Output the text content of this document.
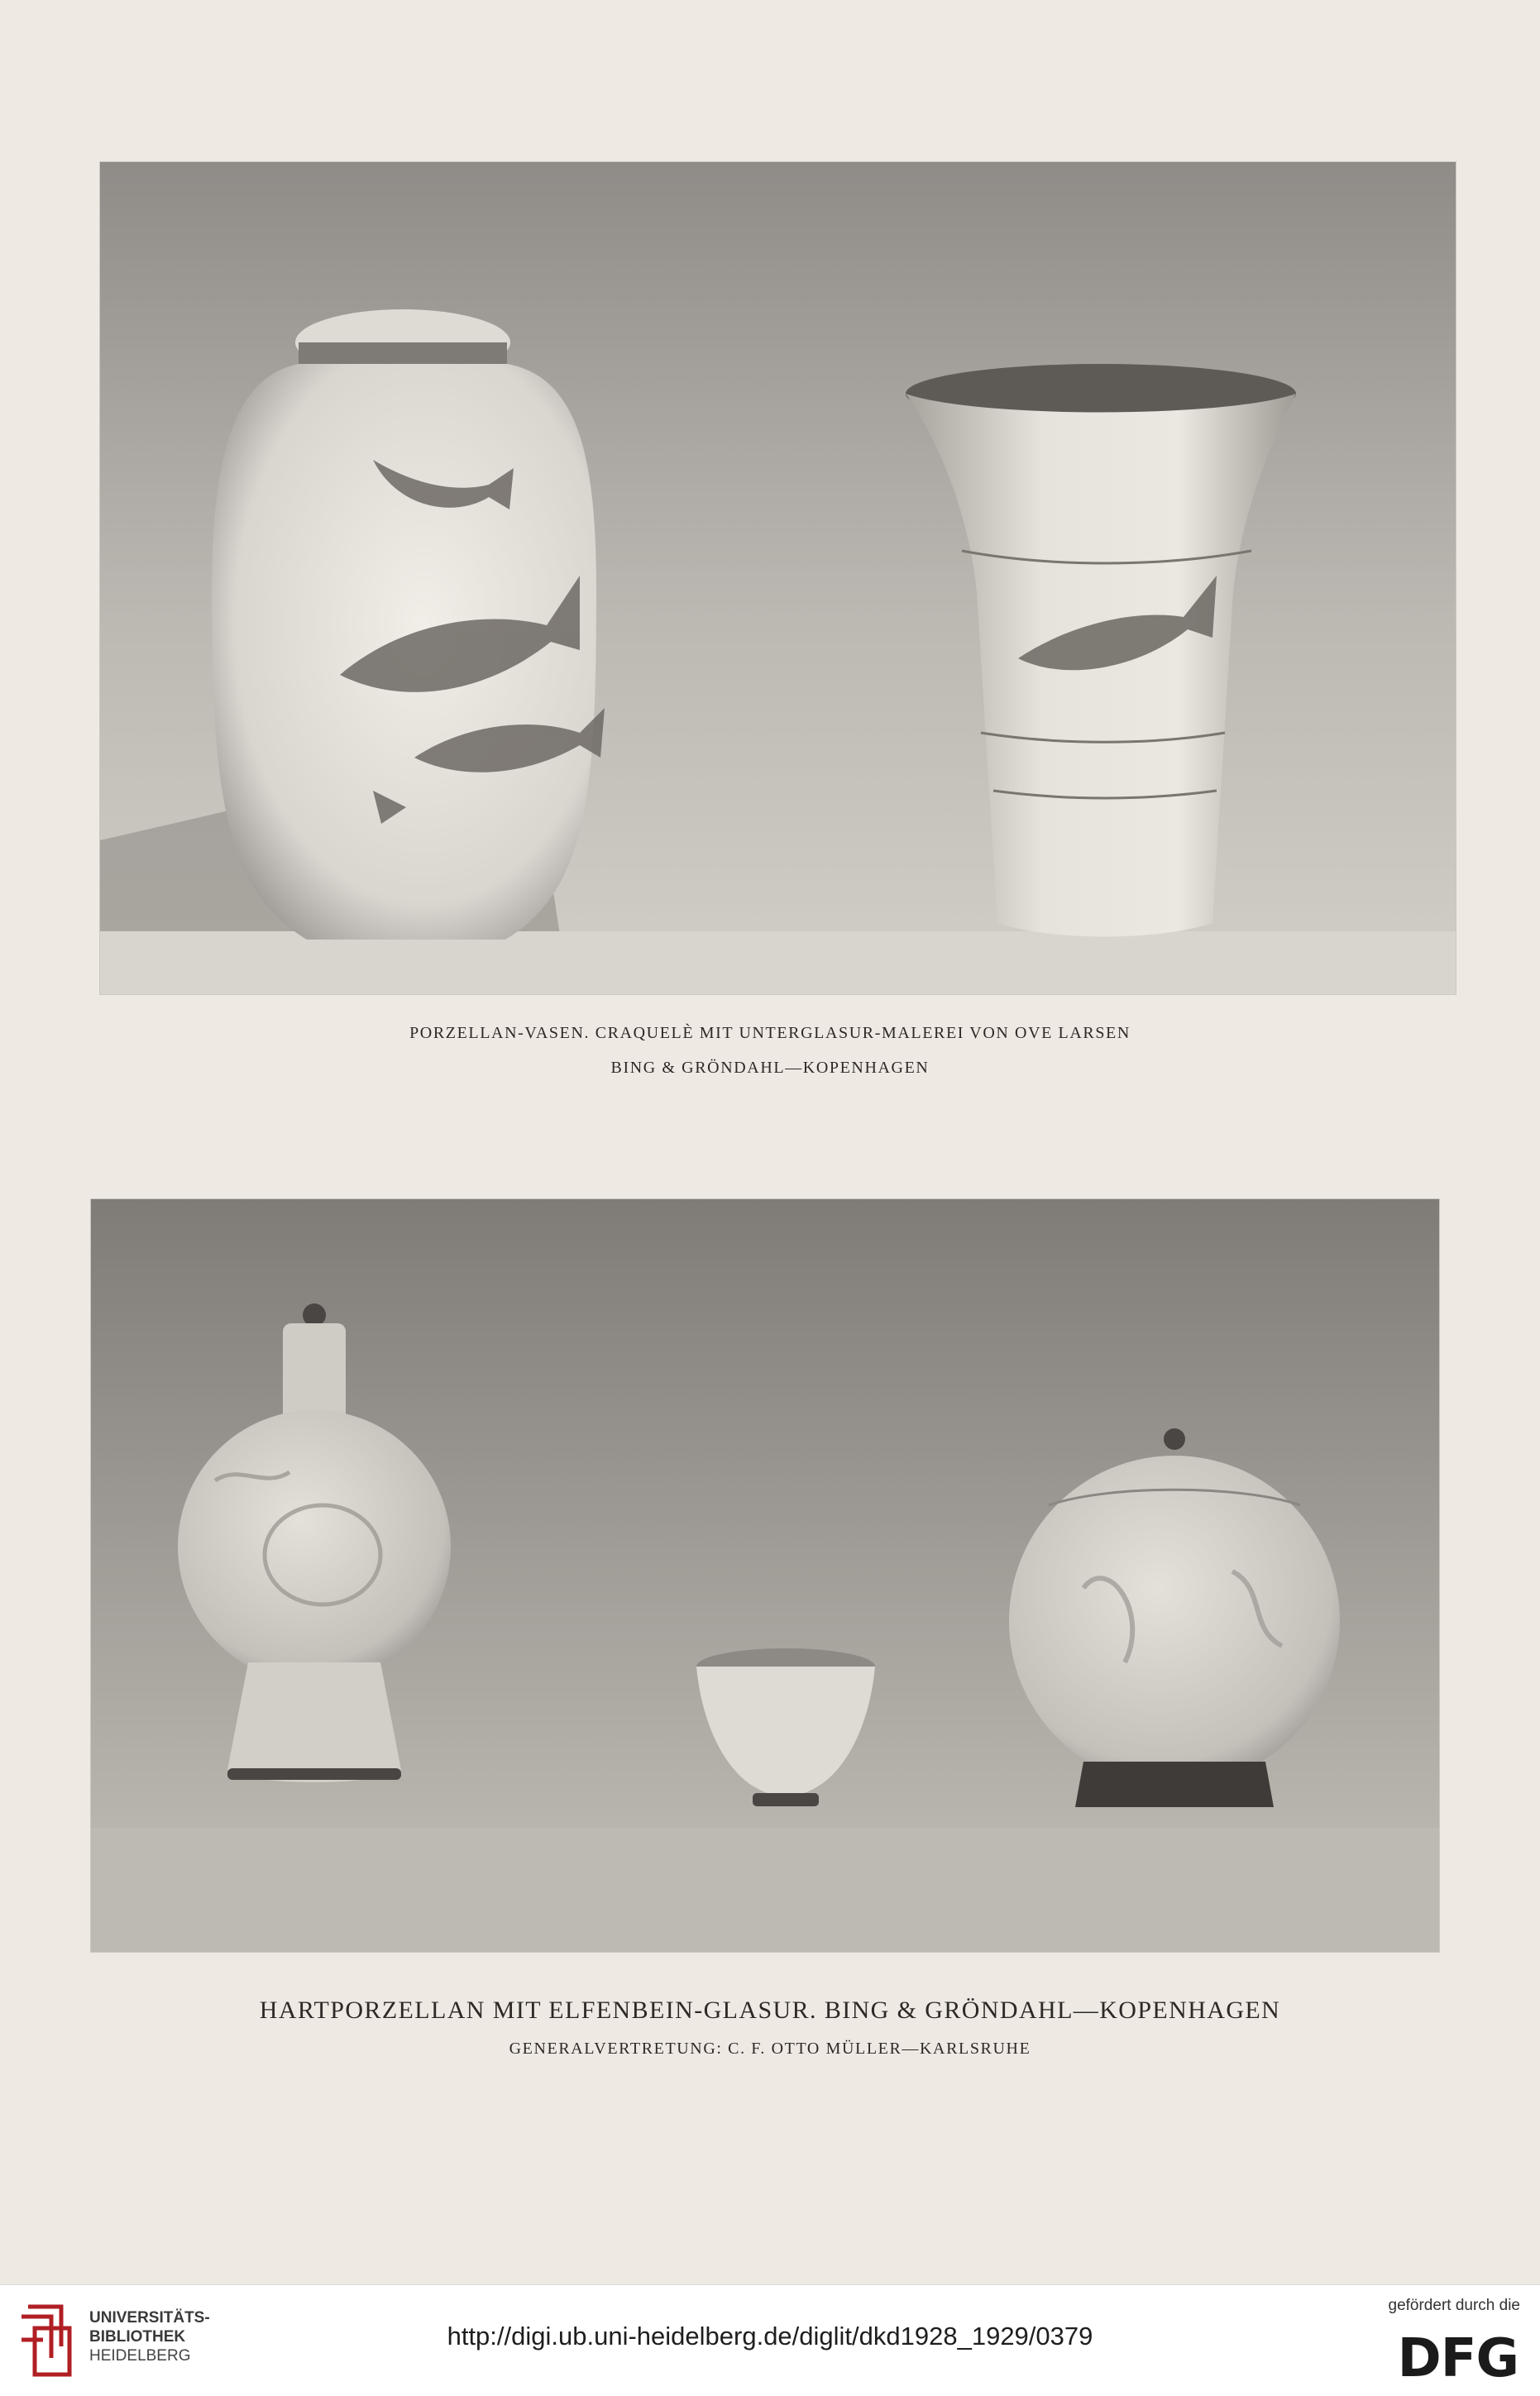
PORZELLAN-VASEN. CRAQUELÈ MIT UNTERGLASUR-MALEREI VON OVE LARSEN
BING & GRÖNDAHL—KOPENHAGEN
HARTPORZELLAN MIT ELFENBEIN-GLASUR. BING & GRÖNDAHL—KOPENHAGEN
GENERALVERTRETUNG: C. F. OTTO MÜLLER—KARLSRUHE
UNIVERSITÄTS-
BIBLIOTHEK
HEIDELBERG
http://digi.ub.uni-heidelberg.de/diglit/dkd1928_1929/0379
gefördert durch die
DFG
